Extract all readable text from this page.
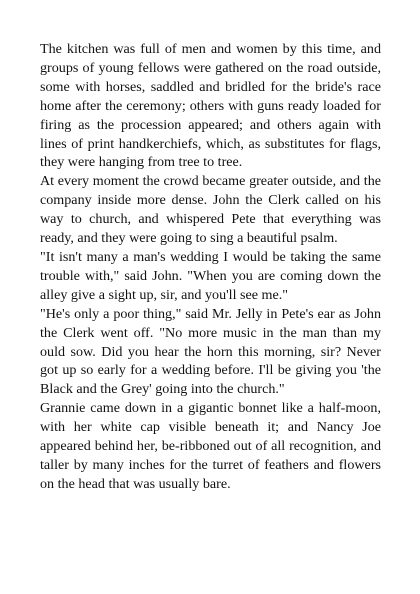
The kitchen was full of men and women by this time, and groups of young fellows were gathered on the road outside, some with horses, saddled and bridled for the bride's race home after the ceremony; others with guns ready loaded for firing as the procession appeared; and others again with lines of print handkerchiefs, which, as substitutes for flags, they were hanging from tree to tree.

At every moment the crowd became greater outside, and the company inside more dense. John the Clerk called on his way to church, and whispered Pete that everything was ready, and they were going to sing a beautiful psalm.

"It isn't many a man's wedding I would be taking the same trouble with," said John. "When you are coming down the alley give a sight up, sir, and you'll see me."

"He's only a poor thing," said Mr. Jelly in Pete's ear as John the Clerk went off. "No more music in the man than my ould sow. Did you hear the horn this morning, sir? Never got up so early for a wedding before. I'll be giving you 'the Black and the Grey' going into the church."

Grannie came down in a gigantic bonnet like a half-moon, with her white cap visible beneath it; and Nancy Joe appeared behind her, be-ribboned out of all recognition, and taller by many inches for the turret of feathers and flowers on the head that was usually bare.
